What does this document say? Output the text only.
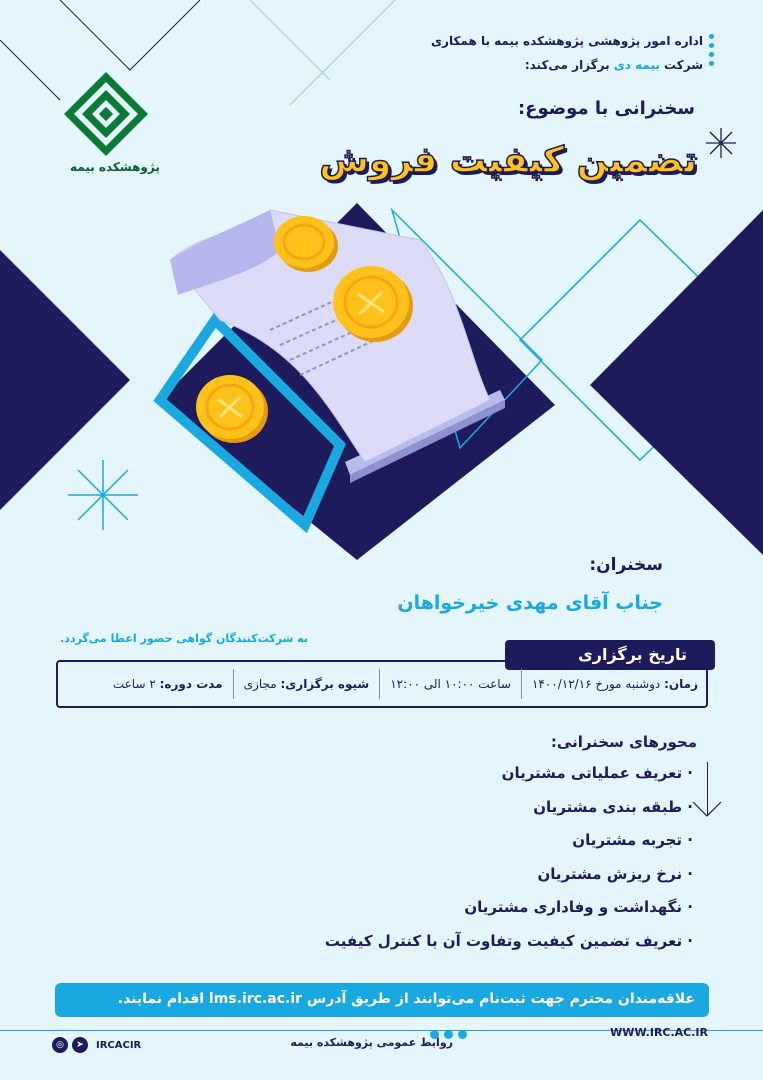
اداره امور پژوهشی پژوهشکده بیمه با همکاری
شرکت بیمه دی برگزار می‌کند:
سخنرانی با موضوع:
تضمین کیفیت فروش
پژوهشکده بیمه
سخنران:
جناب آقای مهدی خیرخواهان
به شرکت‌کنندگان گواهی حضور اعطا می‌گردد.
تاریخ برگزاری
زمان: دوشنبه مورخ ۱۴۰۰/۱۲/۱۶
ساعت ۱۰:۰۰ الی ۱۲:۰۰
شیوه برگزاری: مجازی
مدت دوره: ۲ ساعت
محورهای سخنرانی:
· تعریف عملیاتی مشتریان
· طبقه بندی مشتریان
· تجربه مشتریان
· نرخ ریزش مشتریان
· نگهداشت و وفاداری مشتریان
· تعریف تضمین کیفیت وتفاوت آن با کنترل کیفیت
علاقه‌مندان محترم جهت ثبت‌نام می‌توانند از طریق آدرس lms.irc.ac.ir اقدام نمایند.
WWW.IRC.AC.IR
روابط عمومی پژوهشکده بیمه
◎	➤	IRCACIR
